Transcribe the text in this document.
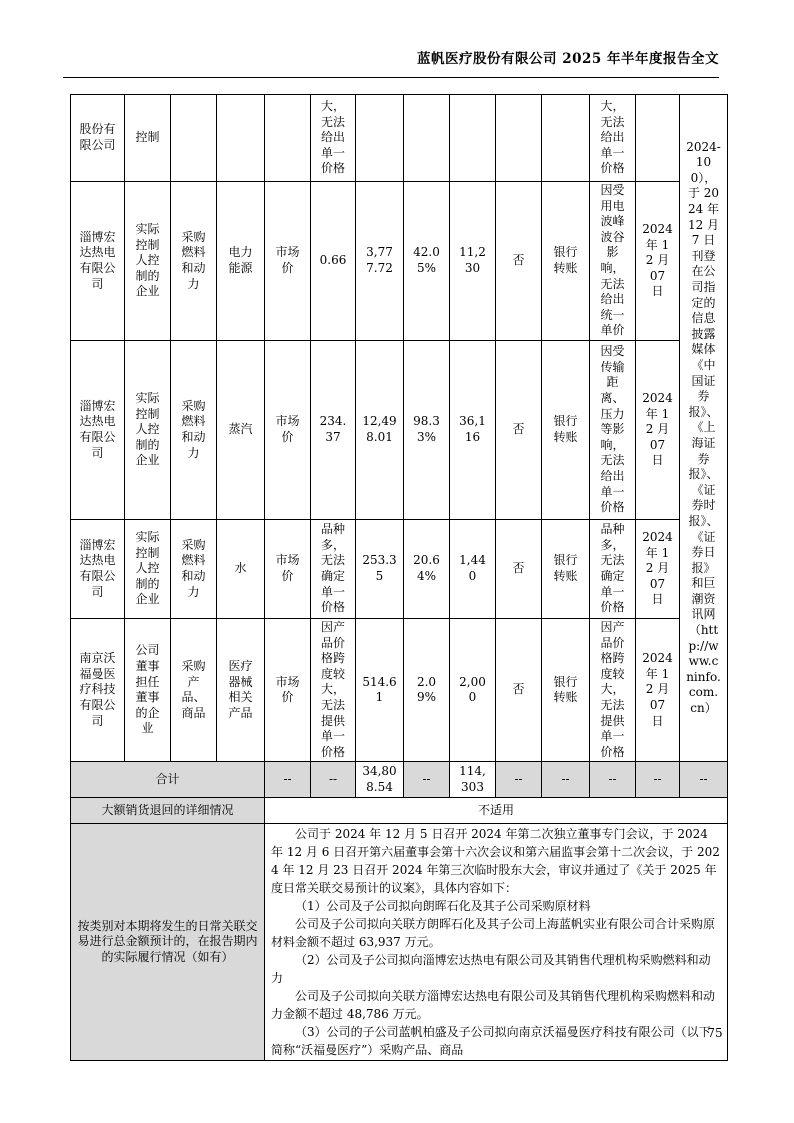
蓝帆医疗股份有限公司 2025 年半年度报告全文
股份有限公司	控制				大，无法给出单一价格						大，无法给出单一价格		2024-100），于 2024 年 12 月 7 日刊登在公司指定的信息披露媒体《中国证券报》、《上海证券报》、《证券时报》、《证券日报》和巨潮资讯网（http://www.cninfo.com.cn）
淄博宏达热电有限公司	实际控制人控制的企业	采购燃料和动力	电力能源	市场价	0.66	3,777.72	42.05%	11,230	否	银行转账	因受用电波峰波谷影响，无法给出统一单价	2024 年 12 月 07 日	
淄博宏达热电有限公司	实际控制人控制的企业	采购燃料和动力	蒸汽	市场价	234.37	12,498.01	98.33%	36,116	否	银行转账	因受传输距离、压力等影响，无法给出单一价格	2024 年 12 月 07 日	
淄博宏达热电有限公司	实际控制人控制的企业	采购燃料和动力	水	市场价	品种多，无法确定单一价格	253.35	20.64%	1,440	否	银行转账	品种多，无法确定单一价格	2024 年 12 月 07 日	
南京沃福曼医疗科技有限公司	公司董事担任董事的企业	采购产品、商品	医疗器械相关产品	市场价	因产品价格跨度较大，无法提供单一价格	514.61	2.09%	2,000	否	银行转账	因产品价格跨度较大，无法提供单一价格	2024 年 12 月 07 日	
合计				--	--	34,808.54	--	114,303	--	--	--	--	--
大额销货退回的详细情况				不适用									
按类别对本期将发生的日常关联交易进行总金额预计的，在报告期内的实际履行情况（如有）	

公司于 2024 年 12 月 5 日召开 2024 年第二次独立董事专门会议，于 2024 年 12 月 6 日召开第六届董事会第十六次会议和第六届监事会第十二次会议，于 2024 年 12 月 23 日召开 2024 年第三次临时股东大会，审议并通过了《关于 2025 年度日常关联交易预计的议案》，具体内容如下：

（1）公司及子公司拟向朗晖石化及其子公司采购原材料

公司及子公司拟向关联方朗晖石化及其子公司上海蓝帆实业有限公司合计采购原材料金额不超过 63,937 万元。

（2）公司及子公司拟向淄博宏达热电有限公司及其销售代理机构采购燃料和动力

公司及子公司拟向关联方淄博宏达热电有限公司及其销售代理机构采购燃料和动力金额不超过 48,786 万元。

（3）公司的子公司蓝帆柏盛及子公司拟向南京沃福曼医疗科技有限公司（以下简称“沃福曼医疗”）采购产品、商品

75
